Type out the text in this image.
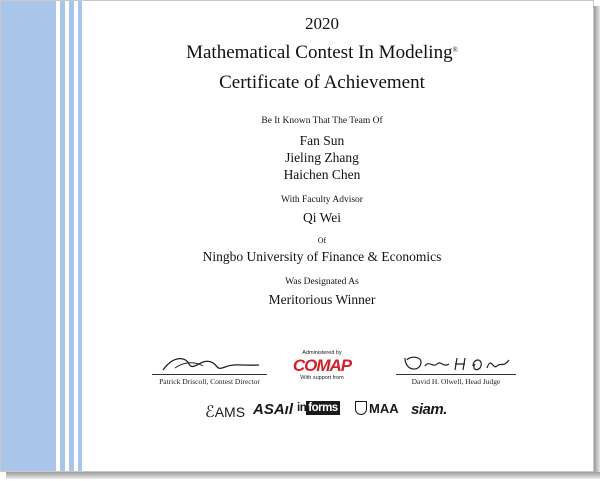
2020
Mathematical Contest In Modeling®
Certificate of Achievement
Be It Known That The Team Of
Fan Sun
Jieling Zhang
Haichen Chen
With Faculty Advisor
Qi Wei
Of
Ningbo University of Finance & Economics
Was Designated As
Meritorious Winner
Patrick Driscoll, Contest Director
Administered by
COMAP
With support from	David H. Olwell, Head Judge
ℰAMS ASAıl in forms	MAA siam.
